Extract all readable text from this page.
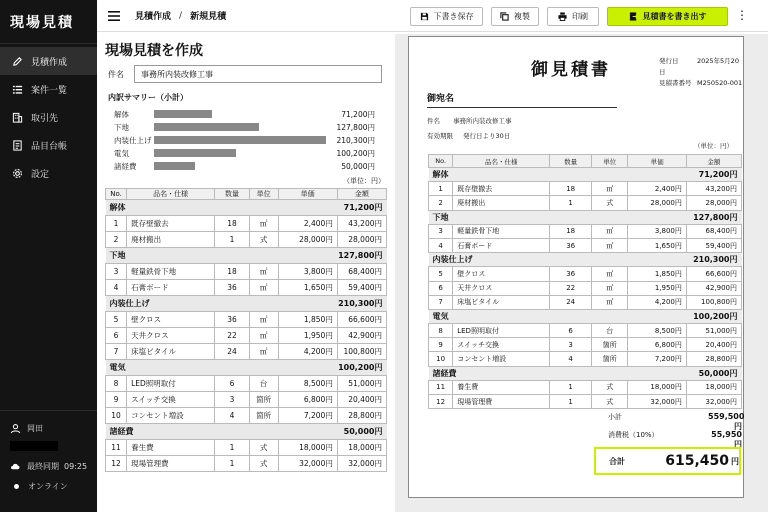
現場見積
見積作成
案件一覧
取引先
品目台帳
設定
岡田
最終同期 09:25
オンライン
見積作成 / 新規見積	下書き保存	複製	印刷	見積書を書き出す ⋮
現場見積を作成
件名
事務所内装改修工事
内訳サマリー（小計）
解体	71,200円
下地	127,800円
内装仕上げ	210,300円
電気	100,200円
諸経費	50,000円
（単位：円）
No.	品名・仕様	数量	単位	単価	金額
解体				71,200円	
1	既存壁撤去	18	㎡	2,400円	43,200円
2	廃材搬出	1	式	28,000円	28,000円
下地				127,800円	
3	軽量鉄骨下地	18	㎡	3,800円	68,400円
4	石膏ボード	36	㎡	1,650円	59,400円
内装仕上げ				210,300円	
5	壁クロス	36	㎡	1,850円	66,600円
6	天井クロス	22	㎡	1,950円	42,900円
7	床塩ビタイル	24	㎡	4,200円	100,800円
電気				100,200円	
8	LED照明取付	6	台	8,500円	51,000円
9	スイッチ交換	3	箇所	6,800円	20,400円
10	コンセント増設	4	箇所	7,200円	28,800円
諸経費				50,000円	
11	養生費	1	式	18,000円	18,000円
12	現場管理費	1	式	32,000円	32,000円
御見積書	発行日	2025年5月20日
見積書番号 M250520-001
御宛名
件名 事務所内装改修工事
有効期限 発行日より30日
（単位：円）
No.	品名・仕様	数量	単位	単価	金額
解体				71,200円	
1	既存壁撤去	18	㎡	2,400円	43,200円
2	廃材搬出	1	式	28,000円	28,000円
下地				127,800円	
3	軽量鉄骨下地	18	㎡	3,800円	68,400円
4	石膏ボード	36	㎡	1,650円	59,400円
内装仕上げ				210,300円	
5	壁クロス	36	㎡	1,850円	66,600円
6	天井クロス	22	㎡	1,950円	42,900円
7	床塩ビタイル	24	㎡	4,200円	100,800円
電気				100,200円	
8	LED照明取付	6	台	8,500円	51,000円
9	スイッチ交換	3	箇所	6,800円	20,400円
10	コンセント増設	4	箇所	7,200円	28,800円
諸経費				50,000円	
11	養生費	1	式	18,000円	18,000円
12	現場管理費	1	式	32,000円	32,000円
小計	559,500円
消費税（10%）	55,950円
合計	615,450 円
